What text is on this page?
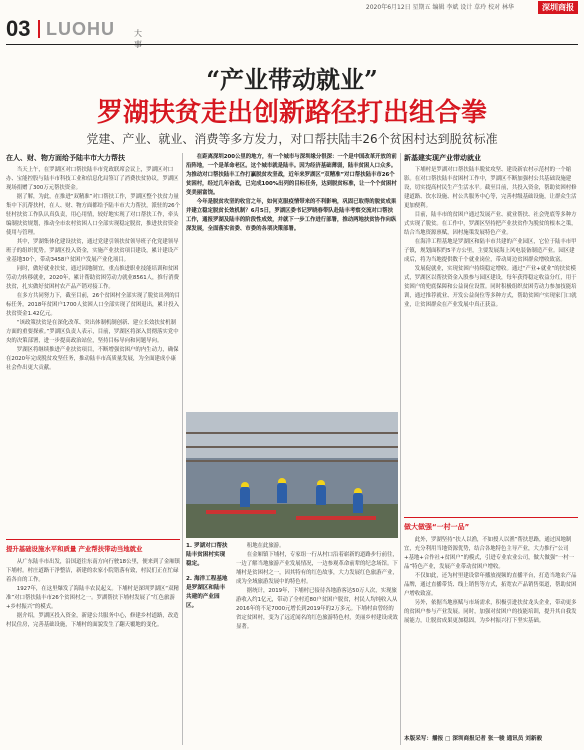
2020年6月12日 星期五 编辑 李斌 设计 草玲 校对 林华	深圳商报
03 LUOHU 大
“产业带动就业”
罗湖扶贫走出创新路径打出组合拳
党建、产业、就业、消费等多方发力，对口帮扶陆丰26个贫困村达到脱贫标准
在人、财、物方面给予陆丰市大力帮扶

当天上午，在罗湖区对口帮扶陆丰市党政联席会议上，罗湖区对口办、宝能控股与陆丰市科技工业和信息化局签订了消费扶贫协议，罗湖区现场捐赠了300万元帮扶资金。

据了解，为此，在推进“双精准”对口帮扶工作，罗湖区整个扶贫力量集中下沉帮扶村，在人、财、物方面都给予陆丰市大力帮扶，派驻的26个驻村扶贫工作队认真负责，用心用情，较好地实现了对口帮扶工作，牵头编制扶贫规划，推动全市农村贫困人口全部实现稳定脱贫，推进扶贫资金使用与管理。

其中，罗湖集体化建设扶贫，通过党建引领扶贫领导班子化党建领导班子的组织优势。罗湖区投入资金，实施产业扶贫项目建设，累计建设产业基地30个，带动3458户贫困户发展产业化项目。

同时，做好就业扶贫，通过因地制宜，重点推进职业技能培训和贫困劳动力转移就业，2020年，累计帮助贫困劳动力就业8561人，推行消费扶贫，扎实做好贫困村农产品产销对接工作。

在多方共同努力下，截至目前，26个贫困村全部实现了脱贫出列的目标任务，2018年贫困户1700人贫困人口全部实现了贫困退出，累计投入扶贫资金1.42亿元。

“该政策扶贫是在深化改革、突出体制机制创新、建立长效扶贫机制方面的重要探索。”罗湖区负责人表示，目前，罗湖区将深入贯彻落实党中央的决策部署，进一步提高政治站位，坚持目标导向和问题导向。

罗湖区将继续推进产业扶贫项目，不断增强贫困户的内生动力，确保在2020年完成脱贫攻坚任务，推动陆丰市高质量发展，为全面建成小康社会作出更大贡献。

提升基础设施水平和质量 产业帮扶带动当地就业

从广东陆丰市出发，沿国道往东南方向行驶18公里，便来到了金厢镇下埔村。村庄道路干净整洁，新建的农家小院错落有致，村民们正在忙碌着各自的工作。

1927年，在这里爆发了海陆丰农民起义。下埔村是深圳罗湖区“双精准”对口帮扶陆丰市26个贫困村之一。罗湖帮扶下埔村发展了“红色旅游+乡村振兴”的模式。

据介绍，罗湖区投入资金，新建公共服务中心，修建乡村道路，改造村民住房，完善基础设施，下埔村的面貌发生了翻天覆地的变化。

在距离深圳200公里的地方，有一个城市与深圳缘分很深：一个是中国改革开放的前沿阵地，一个是革命老区。这个城市就是陆丰。因为经济基础薄弱，陆丰贫困人口众多。为推动对口帮扶陆丰工作打赢脱贫攻坚战，近年来罗湖区“双精准”对口帮扶陆丰市26个贫困村，经过几年奋战，已完成100%出列的目标任务，达到脱贫标准，让一个个贫困村变美丽富饶。

今年是脱贫攻坚的收官之年，如何克服疫情带来的不利影响，巩固已取得的脱贫成果并建立稳定脱贫长效机制？6月5日，罗湖区委书记罗晓春带队赴陆丰考察交流对口帮扶工作，通报罗湖及陆丰的阶段性成效，并就下一步工作进行部署，推动两地扶贫协作向纵深发展，全面落实省委、市委的各项决策部署。

1. 罗湖对口帮扶陆丰贫困村实现稳定。
2. 海洋工程基地是罗湖区和陆丰共建的产业园区。

租地在此旅游。

在金厢镇下埔村，专家组一行从村口沿着崭新的道路步行前往，一边了解当地旅游产业发展情况，一边参观革命前辈的纪念场馆。下埔村是贫困村之一，因其特有的红色故事，大力发展红色旅游产业，成为全域旅游发展中的特色村。

据统计，2019年，下埔村已接待各地游客达50万人次，实现旅游收入约1亿元，带动了全村近80户贫困户脱贫，村民人均纯收入从2016年的不足7000元增长到2019年的2万多元。下埔村由曾经的省定贫困村，变为了远近闻名的红色旅游特色村，美丽乡村建设成效显著。

新基建实现产业带动就业

下埔村是罗湖对口帮扶陆丰脱贫攻坚、建设新农村示范村的一个缩影。在对口帮扶陆丰贫困村工作中，罗湖区不断加强村公共基础设施建设，切实提高村民生产生活水平。截至目前，共投入资金，帮助贫困村修建道路、饮水设施、村公共服务中心等，完善村级基础设施，让群众生活更加便利。

目前，陆丰市的贫困户通过发展产业、就业帮扶、社会兜底等多种方式实现了脱贫。在工作中，罗湖区坚持把产业扶贫作为脱贫的根本之策，结合当地资源禀赋，因村施策发展特色产业。

在海洋工程基地是罗湖区和陆丰市共建的产业园区，它位于陆丰市甲子镇，规划面积约5平方公里，主要发展海上风电装备制造产业。园区建成后，将为当地提供数千个就业岗位，带动周边贫困群众增收致富。

发展促就业，实现贫困户持续稳定增收。通过“产业+就业”的扶贫模式，罗湖区以帮扶资金入股参与园区建设，每年获得稳定收益分红，用于贫困户的兜底保障和公益岗位设置。同时积极组织贫困劳动力参加技能培训，通过推荐就业、开发公益岗位等多种方式，帮助贫困户实现家门口就业，让贫困群众在产业发展中真正获益。

做大做强“一村一品”

此外，罗湖坚持“扶人以渔，不如授人以渔”帮扶思路，通过因地制宜，充分利用当地资源优势，结合各地特色主导产业，大力推行“公司+基地+合作社+贫困户”的模式，引进专业农业公司，做大做强“一村一品”特色产业，发展产业带动贫困户增收。

不仅如此，还为村里建设常年播放视频的直播平台，打造当地农产品品牌，通过直播带货、线上销售等方式，拓宽农产品销售渠道，帮助贫困户增收致富。

另外，依据当地禀赋与市场需求，积极引进扶贫龙头企业，带动更多的贫困户参与产业发展。同时，加强对贫困户的技能培训，提升其自我发展能力，让脱贫成果更加稳固，为乡村振兴打下坚实基础。

本版采写：播报 □ 深圳商报记者 张一骏 通讯员 刘新毅
